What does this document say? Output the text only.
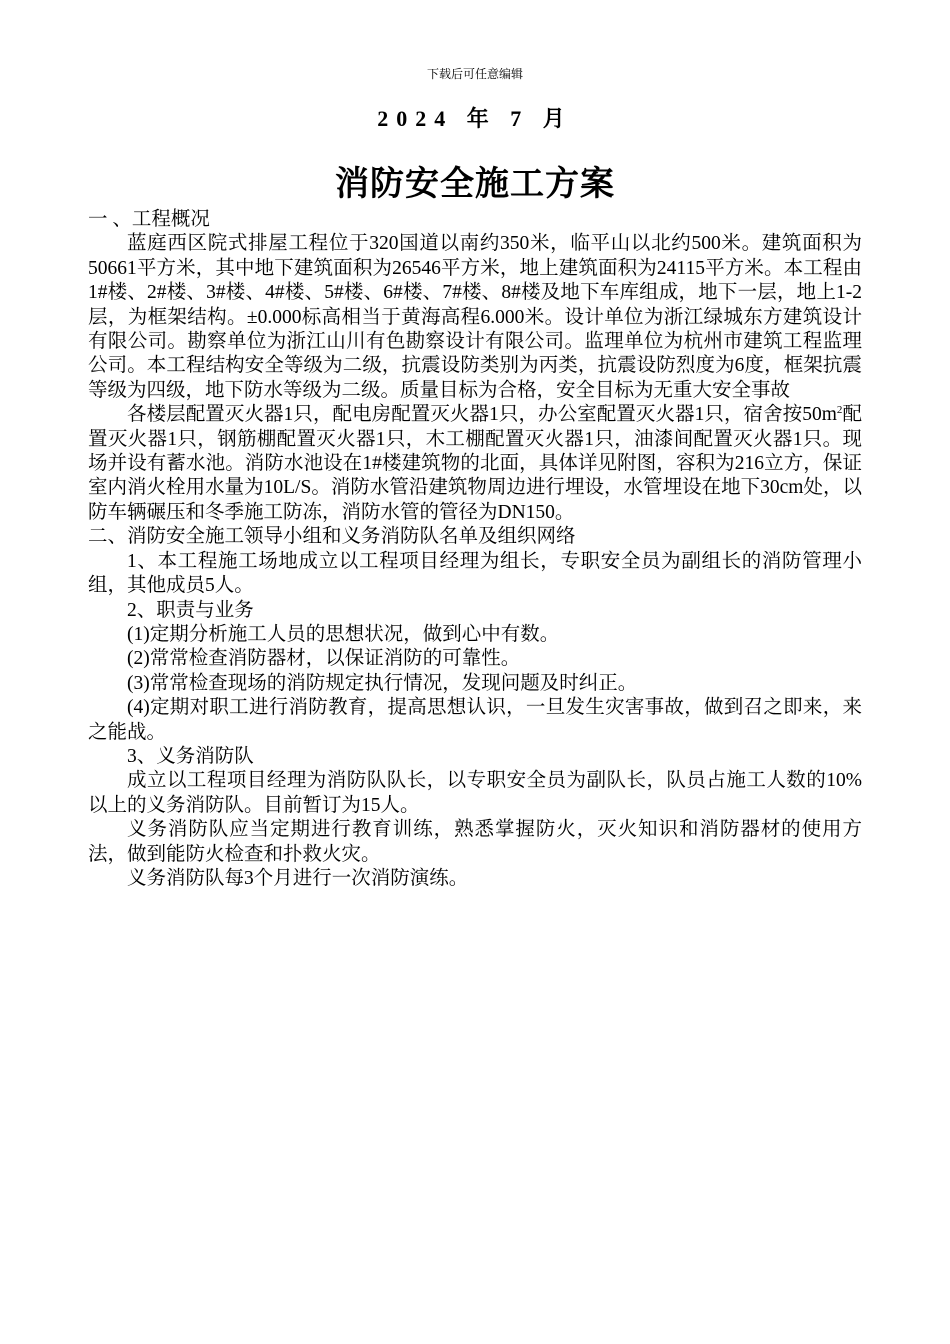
下载后可任意编辑
2024 年 7 月
消防安全施工方案

一 、工程概况

蓝庭西区院式排屋工程位于320国道以南约350米，临平山以北约500米。建筑面积为50661平方米，其中地下建筑面积为26546平方米，地上建筑面积为24115平方米。本工程由1#楼、2#楼、3#楼、4#楼、5#楼、6#楼、7#楼、8#楼及地下车库组成，地下一层，地上1-2层，为框架结构。±0.000标高相当于黄海高程6.000米。设计单位为浙江绿城东方建筑设计有限公司。勘察单位为浙江山川有色勘察设计有限公司。监理单位为杭州市建筑工程监理公司。本工程结构安全等级为二级，抗震设防类别为丙类，抗震设防烈度为6度，框架抗震等级为四级，地下防水等级为二级。质量目标为合格，安全目标为无重大安全事故

各楼层配置灭火器1只，配电房配置灭火器1只，办公室配置灭火器1只，宿舍按$50m^2$配置灭火器1只，钢筋棚配置灭火器1只，木工棚配置灭火器1只，油漆间配置灭火器1只。现场并设有蓄水池。消防水池设在1#楼建筑物的北面，具体详见附图，容积为216立方，保证室内消火栓用水量为10L/S。消防水管沿建筑物周边进行埋设，水管埋设在地下30cm处，以防车辆碾压和冬季施工防冻，消防水管的管径为DN150。

二、消防安全施工领导小组和义务消防队名单及组织网络

1、本工程施工场地成立以工程项目经理为组长，专职安全员为副组长的消防管理小组，其他成员5人。

2、职责与业务

(1)定期分析施工人员的思想状况，做到心中有数。

(2)常常检查消防器材，以保证消防的可靠性。

(3)常常检查现场的消防规定执行情况，发现问题及时纠正。

(4)定期对职工进行消防教育，提高思想认识，一旦发生灾害事故，做到召之即来，来之能战。

3、义务消防队

成立以工程项目经理为消防队队长，以专职安全员为副队长，队员占施工人数的10%以上的义务消防队。目前暂订为15人。

义务消防队应当定期进行教育训练，熟悉掌握防火，灭火知识和消防器材的使用方法，做到能防火检查和扑救火灾。

义务消防队每3个月进行一次消防演练。
